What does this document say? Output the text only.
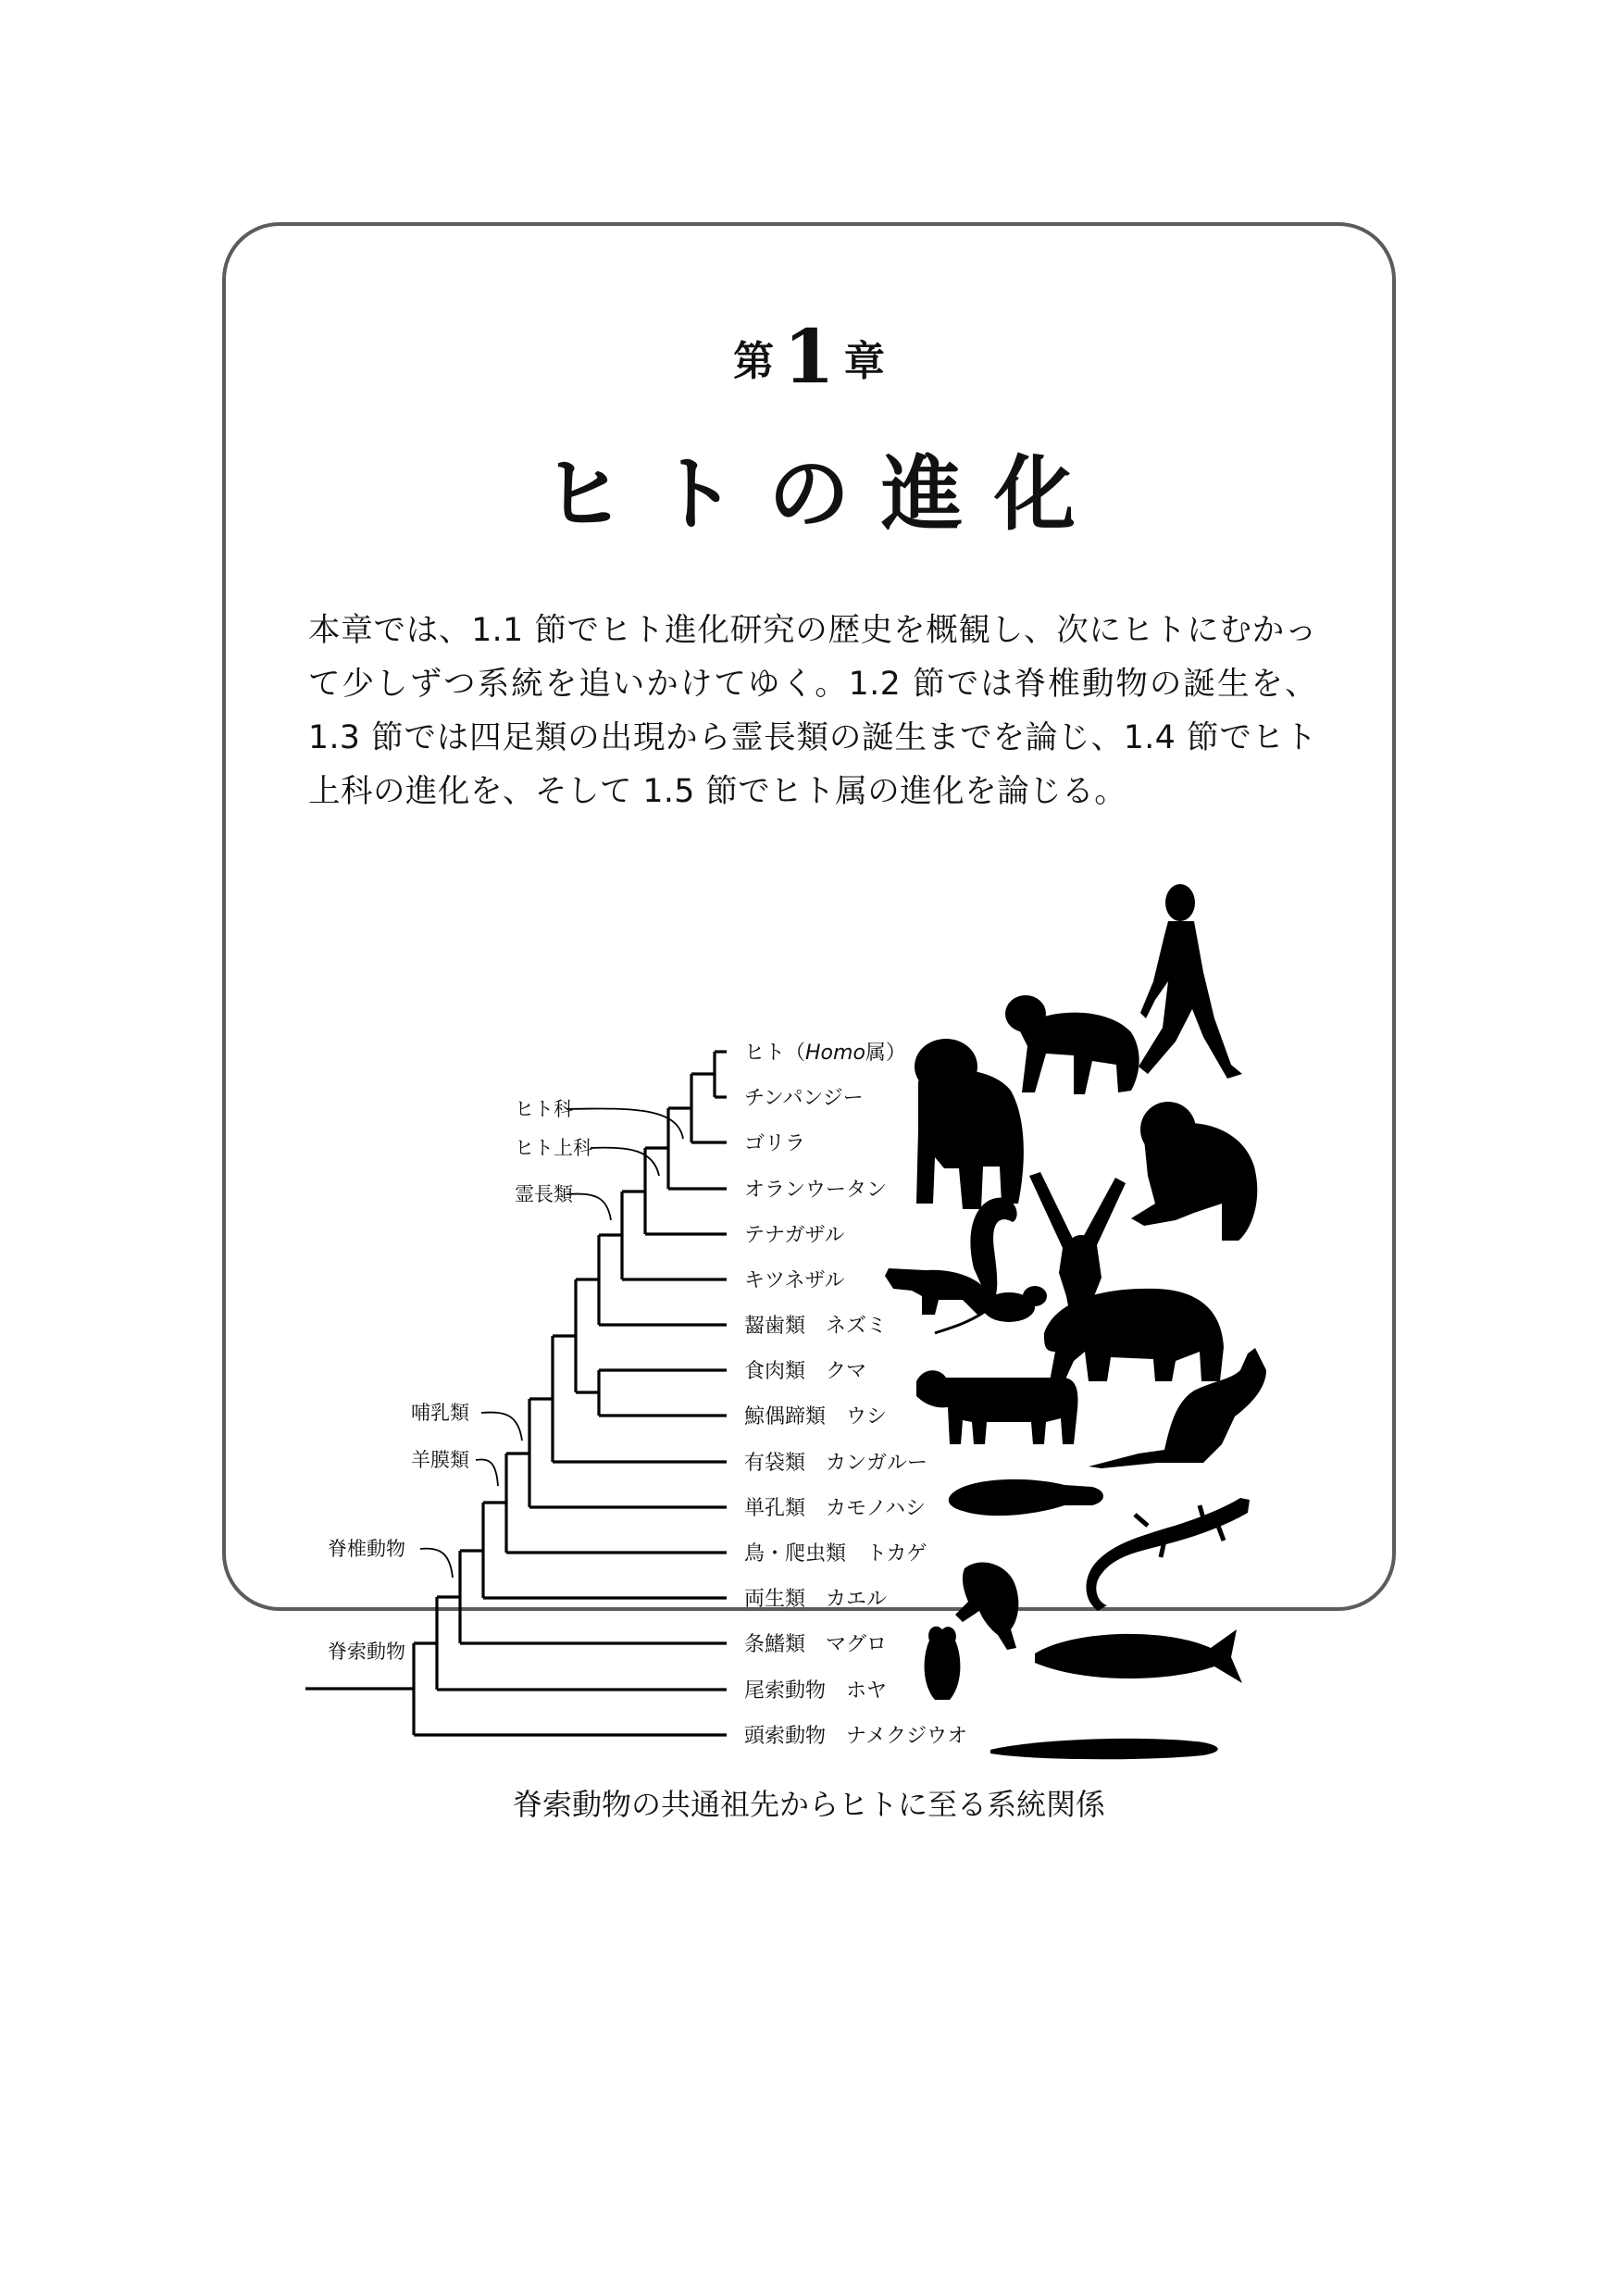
第 1 章
ヒトの進化
本章では、1.1 節でヒト進化研究の歴史を概観し、次にヒトにむかって少しずつ系統を追いかけてゆく。1.2 節では脊椎動物の誕生を、1.3 節では四足類の出現から霊長類の誕生までを論じ、1.4 節でヒト上科の進化を、そして 1.5 節でヒト属の進化を論じる。
ヒト科
ヒト上科
霊長類
哺乳類
羊膜類
脊椎動物
脊索動物
ヒト（Homo属）
チンパンジー
ゴリラ
オランウータン
テナガザル
キツネザル
齧歯類　ネズミ
食肉類　クマ
鯨偶蹄類　ウシ
有袋類　カンガルー
単孔類　カモノハシ
鳥・爬虫類　トカゲ
両生類　カエル
条鰭類　マグロ
尾索動物　ホヤ
頭索動物　ナメクジウオ
脊索動物の共通祖先からヒトに至る系統関係
